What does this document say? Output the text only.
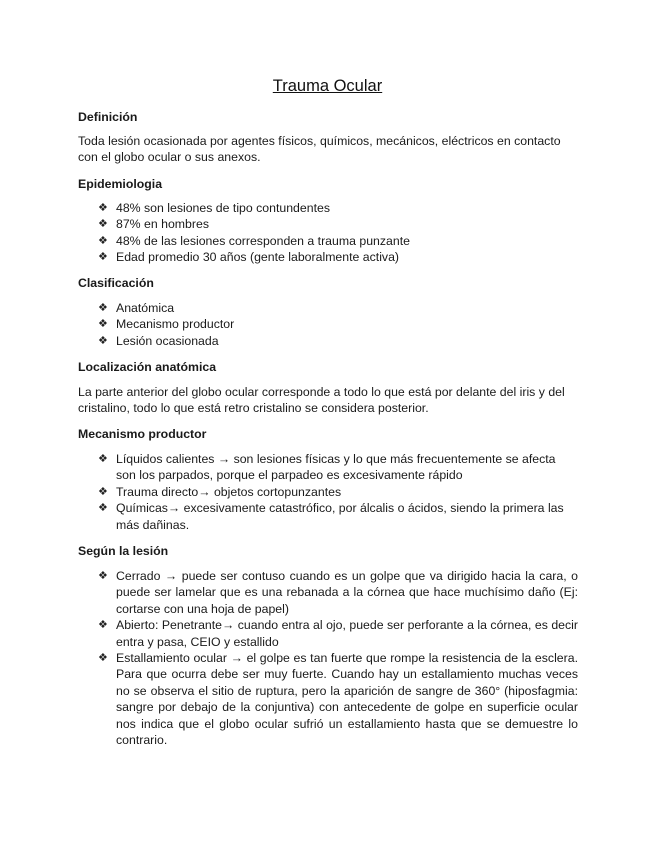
Trauma Ocular
Definición

Toda lesión ocasionada por agentes físicos, químicos, mecánicos, eléctricos en contacto con el globo ocular o sus anexos.

Epidemiologia
❖ 48% son lesiones de tipo contundentes
❖ 87% en hombres
❖ 48% de las lesiones corresponden a trauma punzante
❖ Edad promedio 30 años (gente laboralmente activa)
Clasificación
❖ Anatómica
❖ Mecanismo productor
❖ Lesión ocasionada
Localización anatómica

La parte anterior del globo ocular corresponde a todo lo que está por delante del iris y del cristalino, todo lo que está retro cristalino se considera posterior.

Mecanismo productor
❖ Líquidos calientes → son lesiones físicas y lo que más frecuentemente se afecta son los parpados, porque el parpadeo es excesivamente rápido
❖ Trauma directo→ objetos cortopunzantes
❖ Químicas→ excesivamente catastrófico, por álcalis o ácidos, siendo la primera las más dañinas.
Según la lesión
❖ Cerrado → puede ser contuso cuando es un golpe que va dirigido hacia la cara, o puede ser lamelar que es una rebanada a la córnea que hace muchísimo daño (Ej: cortarse con una hoja de papel)
❖ Abierto: Penetrante→ cuando entra al ojo, puede ser perforante a la córnea, es decir entra y pasa, CEIO y estallido
❖ Estallamiento ocular → el golpe es tan fuerte que rompe la resistencia de la esclera. Para que ocurra debe ser muy fuerte. Cuando hay un estallamiento muchas veces no se observa el sitio de ruptura, pero la aparición de sangre de 360° (hiposfagmia: sangre por debajo de la conjuntiva) con antecedente de golpe en superficie ocular nos indica que el globo ocular sufrió un estallamiento hasta que se demuestre lo contrario.
